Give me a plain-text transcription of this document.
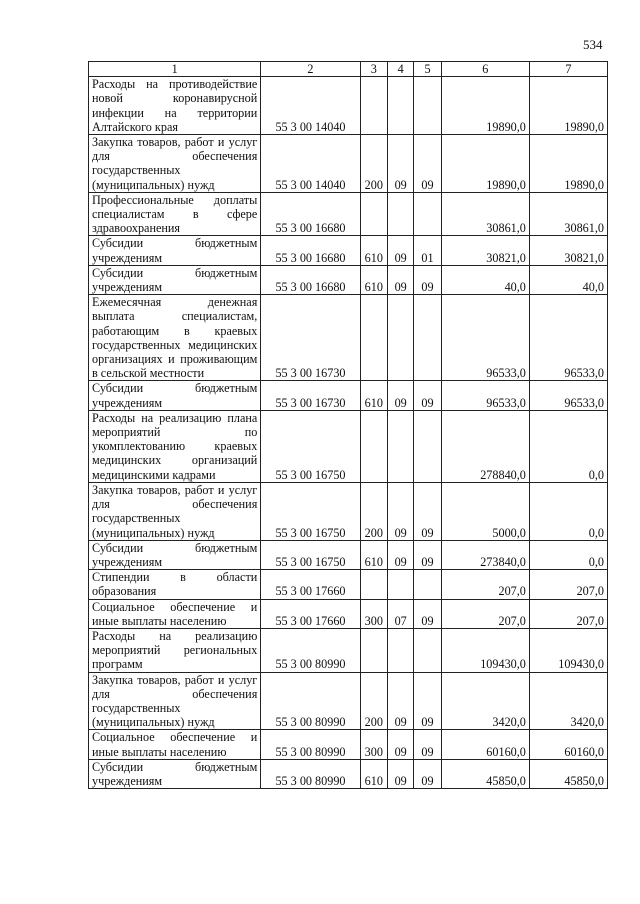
534
1	2	3	4	5	6	7
Расходы на противодействие новой коронавирусной инфекции на территории Алтайского края	55 3 00 14040				19890,0	19890,0
Закупка товаров, работ и услуг для обеспечения государственных (муниципальных) нужд	55 3 00 14040	200	09	09	19890,0	19890,0
Профессиональные доплаты специалистам в сфере здравоохранения	55 3 00 16680				30861,0	30861,0
Субсидии бюджетным учреждениям	55 3 00 16680	610	09	01	30821,0	30821,0
Субсидии бюджетным учреждениям	55 3 00 16680	610	09	09	40,0	40,0
Ежемесячная денежная выплата специалистам, работающим в краевых государственных медицинских организациях и проживающим в сельской местности	55 3 00 16730				96533,0	96533,0
Субсидии бюджетным учреждениям	55 3 00 16730	610	09	09	96533,0	96533,0
Расходы на реализацию плана мероприятий по укомплектованию краевых медицинских организаций медицинскими кадрами	55 3 00 16750				278840,0	0,0
Закупка товаров, работ и услуг для обеспечения государственных (муниципальных) нужд	55 3 00 16750	200	09	09	5000,0	0,0
Субсидии бюджетным учреждениям	55 3 00 16750	610	09	09	273840,0	0,0
Стипендии в области образования	55 3 00 17660				207,0	207,0
Социальное обеспечение и иные выплаты населению	55 3 00 17660	300	07	09	207,0	207,0
Расходы на реализацию мероприятий региональных программ	55 3 00 80990				109430,0	109430,0
Закупка товаров, работ и услуг для обеспечения государственных (муниципальных) нужд	55 3 00 80990	200	09	09	3420,0	3420,0
Социальное обеспечение и иные выплаты населению	55 3 00 80990	300	09	09	60160,0	60160,0
Субсидии бюджетным учреждениям	55 3 00 80990	610	09	09	45850,0	45850,0
